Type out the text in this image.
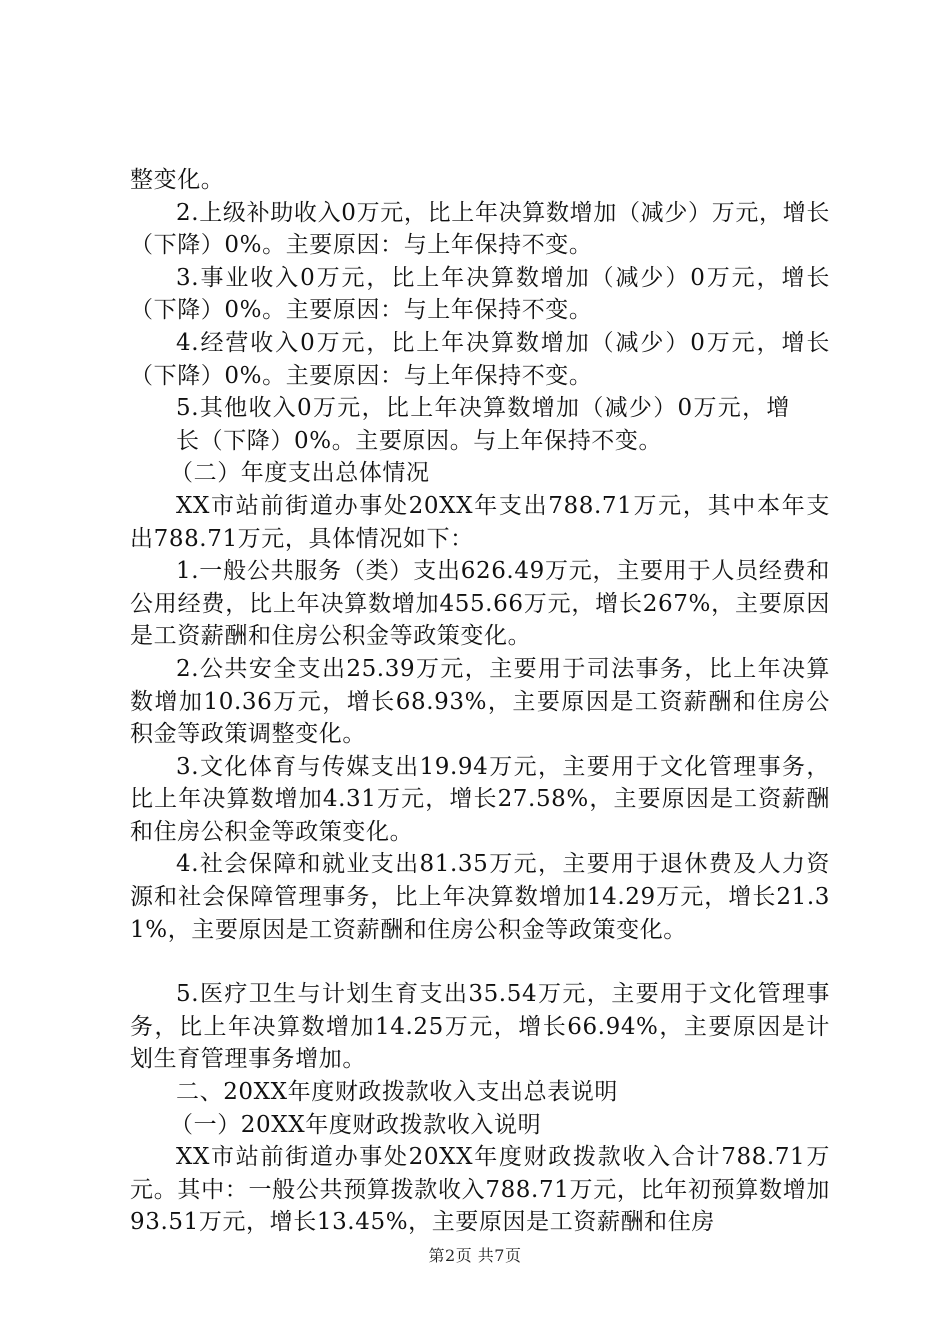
整变化。

2.上级补助收入0万元，比上年决算数增加（减少）万元，增长（下降）0%。主要原因：与上年保持不变。

3.事业收入0万元，比上年决算数增加（减少）0万元，增长（下降）0%。主要原因：与上年保持不变。

4.经营收入0万元，比上年决算数增加（减少）0万元，增长（下降）0%。主要原因：与上年保持不变。

5.其他收入0万元，比上年决算数增加（减少）0万元，增长（下降）0%。主要原因。与上年保持不变。

（二）年度支出总体情况

XX市站前街道办事处20XX年支出788.71万元，其中本年支出788.71万元，具体情况如下：

1.一般公共服务（类）支出626.49万元，主要用于人员经费和公用经费，比上年决算数增加455.66万元，增长267%，主要原因是工资薪酬和住房公积金等政策变化。

2.公共安全支出25.39万元，主要用于司法事务，比上年决算数增加10.36万元，增长68.93%，主要原因是工资薪酬和住房公积金等政策调整变化。

3.文化体育与传媒支出19.94万元，主要用于文化管理事务，比上年决算数增加4.31万元，增长27.58%，主要原因是工资薪酬和住房公积金等政策变化。

4.社会保障和就业支出81.35万元，主要用于退休费及人力资源和社会保障管理事务，比上年决算数增加14.29万元，增长21.31%，主要原因是工资薪酬和住房公积金等政策变化。

5.医疗卫生与计划生育支出35.54万元，主要用于文化管理事务，比上年决算数增加14.25万元，增长66.94%，主要原因是计划生育管理事务增加。

二、20XX年度财政拨款收入支出总表说明

（一）20XX年度财政拨款收入说明

XX市站前街道办事处20XX年度财政拨款收入合计788.71万元。其中：一般公共预算拨款收入788.71万元，比年初预算数增加93.51万元，增长13.45%，主要原因是工资薪酬和住房

第2页 共7页
